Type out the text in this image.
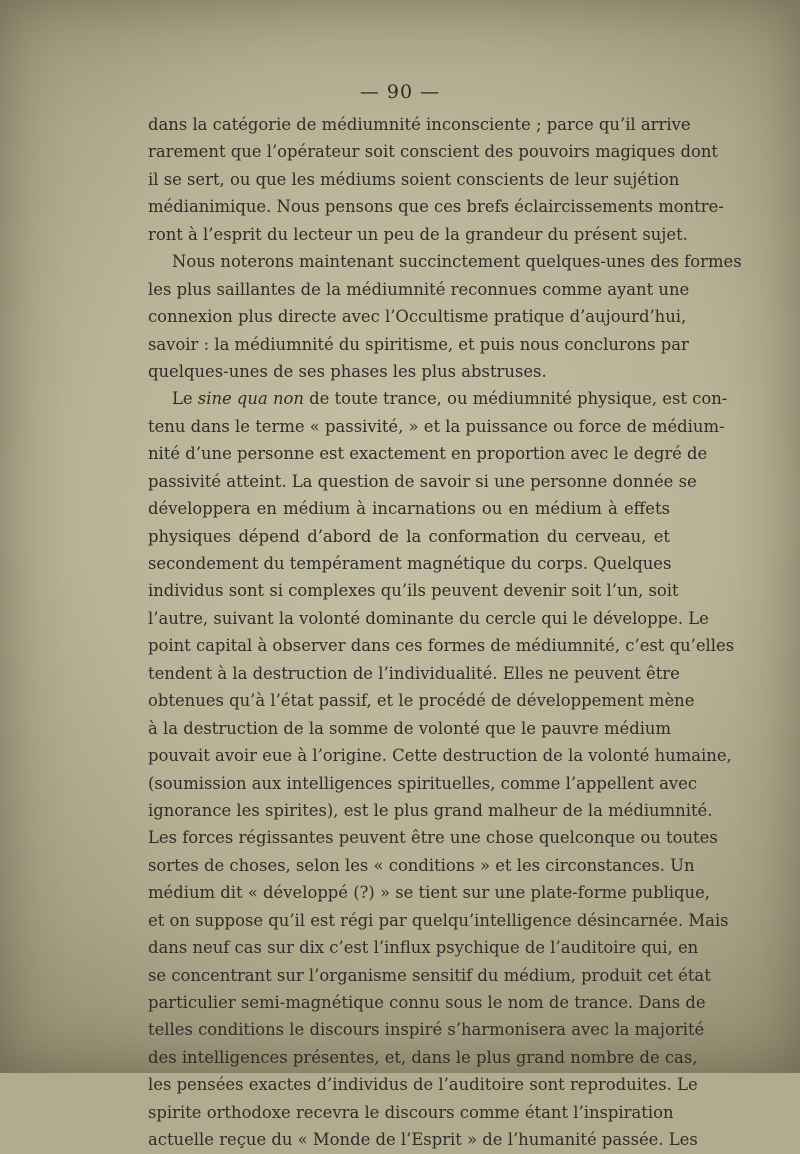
— 90 —
dans la catégorie de médiumnité inconsciente ; parce qu’il arrive
rarement que l’opérateur soit conscient des pouvoirs magiques dont
il se sert, ou que les médiums soient conscients de leur sujétion
médianimique. Nous pensons que ces brefs éclaircissements montre-
ront à l’esprit du lecteur un peu de la grandeur du présent sujet.
Nous noterons maintenant succinctement quelques-unes des formes
les plus saillantes de la médiumnité reconnues comme ayant une
connexion plus directe avec l’Occultisme pratique d’aujourd’hui,
savoir : la médiumnité du spiritisme, et puis nous conclurons par
quelques-unes de ses phases les plus abstruses.
Le sine qua non de toute trance, ou médiumnité physique, est con-
tenu dans le terme « passivité, » et la puissance ou force de médium-
nité d’une personne est exactement en proportion avec le degré de
passivité atteint. La question de savoir si une personne donnée se
développera en médium à incarnations ou en médium à effets
physiques dépend d’abord de la conformation du cerveau, et
secondement du tempérament magnétique du corps. Quelques
individus sont si complexes qu’ils peuvent devenir soit l’un, soit
l’autre, suivant la volonté dominante du cercle qui le développe. Le
point capital à observer dans ces formes de médiumnité, c’est qu’elles
tendent à la destruction de l’individualité. Elles ne peuvent être
obtenues qu’à l’état passif, et le procédé de développement mène
à la destruction de la somme de volonté que le pauvre médium
pouvait avoir eue à l’origine. Cette destruction de la volonté humaine,
(soumission aux intelligences spirituelles, comme l’appellent avec
ignorance les spirites), est le plus grand malheur de la médiumnité.
Les forces régissantes peuvent être une chose quelconque ou toutes
sortes de choses, selon les « conditions » et les circonstances. Un
médium dit « développé (?) » se tient sur une plate-forme publique,
et on suppose qu’il est régi par quelqu’intelligence désincarnée. Mais
dans neuf cas sur dix c’est l’influx psychique de l’auditoire qui, en
se concentrant sur l’organisme sensitif du médium, produit cet état
particulier semi-magnétique connu sous le nom de trance. Dans de
telles conditions le discours inspiré s’harmonisera avec la majorité
des intelligences présentes, et, dans le plus grand nombre de cas,
les pensées exactes d’individus de l’auditoire sont reproduites. Le
spirite orthodoxe recevra le discours comme étant l’inspiration
actuelle reçue du « Monde de l’Esprit » de l’humanité passée. Les
